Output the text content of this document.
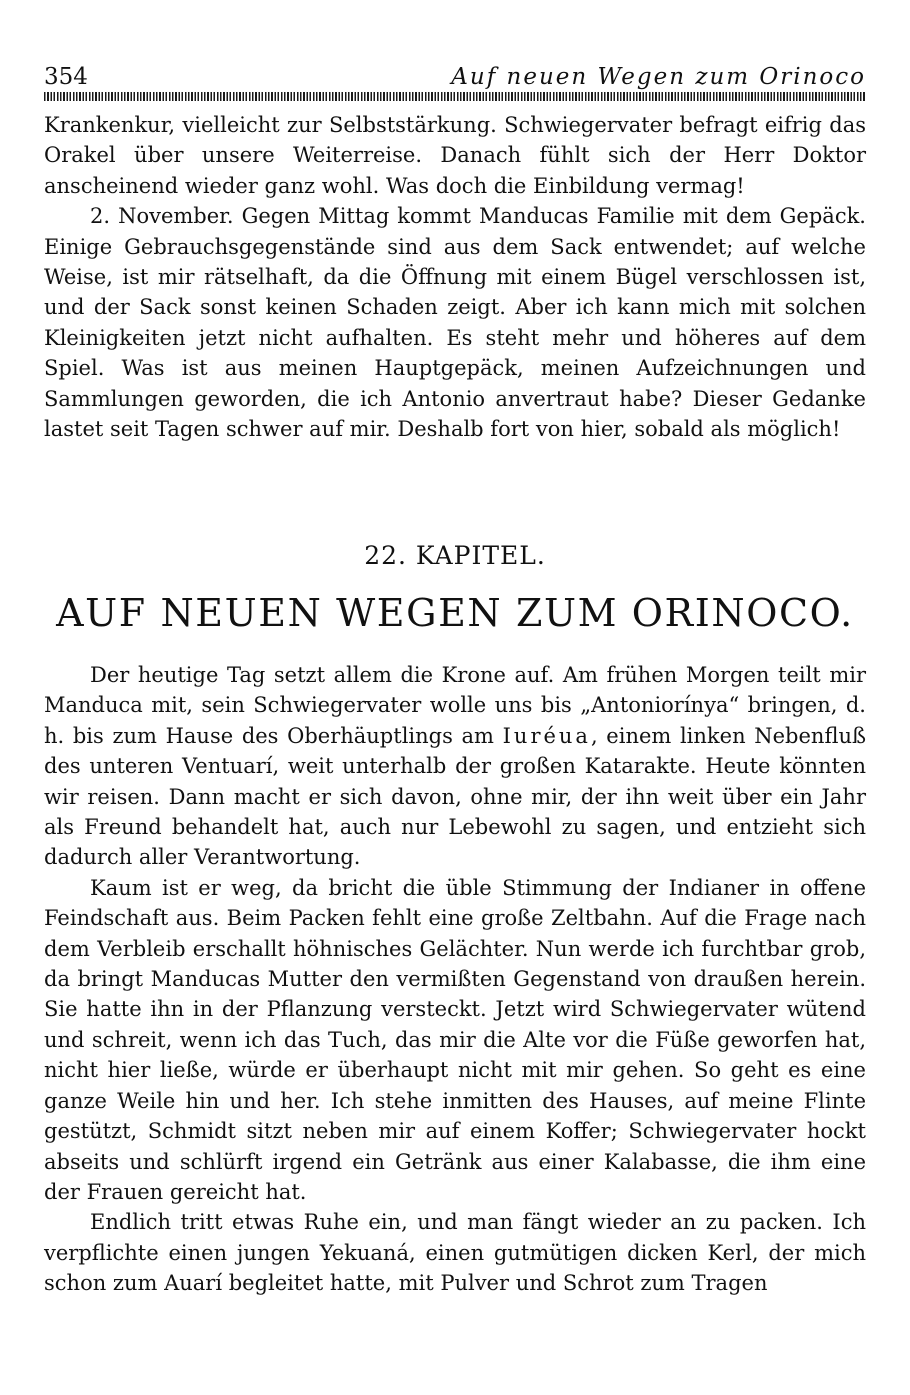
354	Auf neuen Wegen zum Orinoco

Krankenkur, vielleicht zur Selbststärkung. Schwiegervater befragt eifrig das Orakel über unsere Weiterreise. Danach fühlt sich der Herr Doktor anscheinend wieder ganz wohl. Was doch die Einbildung vermag!

2. November. Gegen Mittag kommt Manducas Familie mit dem Gepäck. Einige Gebrauchsgegenstände sind aus dem Sack entwendet; auf welche Weise, ist mir rätselhaft, da die Öffnung mit einem Bügel verschlossen ist, und der Sack sonst keinen Schaden zeigt. Aber ich kann mich mit solchen Kleinigkeiten jetzt nicht aufhalten. Es steht mehr und höheres auf dem Spiel. Was ist aus meinen Hauptgepäck, meinen Aufzeichnungen und Sammlungen geworden, die ich Antonio anvertraut habe? Dieser Gedanke lastet seit Tagen schwer auf mir. Deshalb fort von hier, sobald als möglich!

22. KAPITEL.
AUF NEUEN WEGEN ZUM ORINOCO.

Der heutige Tag setzt allem die Krone auf. Am frühen Morgen teilt mir Manduca mit, sein Schwiegervater wolle uns bis „Antoniorínya“ bringen, d. h. bis zum Hause des Oberhäuptlings am Iuréua, einem linken Nebenfluß des unteren Ventuarí, weit unterhalb der großen Katarakte. Heute könnten wir reisen. Dann macht er sich davon, ohne mir, der ihn weit über ein Jahr als Freund behandelt hat, auch nur Lebewohl zu sagen, und entzieht sich dadurch aller Verantwortung.

Kaum ist er weg, da bricht die üble Stimmung der Indianer in offene Feindschaft aus. Beim Packen fehlt eine große Zeltbahn. Auf die Frage nach dem Verbleib erschallt höhnisches Gelächter. Nun werde ich furchtbar grob, da bringt Manducas Mutter den vermißten Gegenstand von draußen herein. Sie hatte ihn in der Pflanzung versteckt. Jetzt wird Schwiegervater wütend und schreit, wenn ich das Tuch, das mir die Alte vor die Füße geworfen hat, nicht hier ließe, würde er überhaupt nicht mit mir gehen. So geht es eine ganze Weile hin und her. Ich stehe inmitten des Hauses, auf meine Flinte gestützt, Schmidt sitzt neben mir auf einem Koffer; Schwiegervater hockt abseits und schlürft irgend ein Getränk aus einer Kalabasse, die ihm eine der Frauen gereicht hat.

Endlich tritt etwas Ruhe ein, und man fängt wieder an zu packen. Ich verpflichte einen jungen Yekuaná, einen gutmütigen dicken Kerl, der mich schon zum Auarí begleitet hatte, mit Pulver und Schrot zum Tragen
